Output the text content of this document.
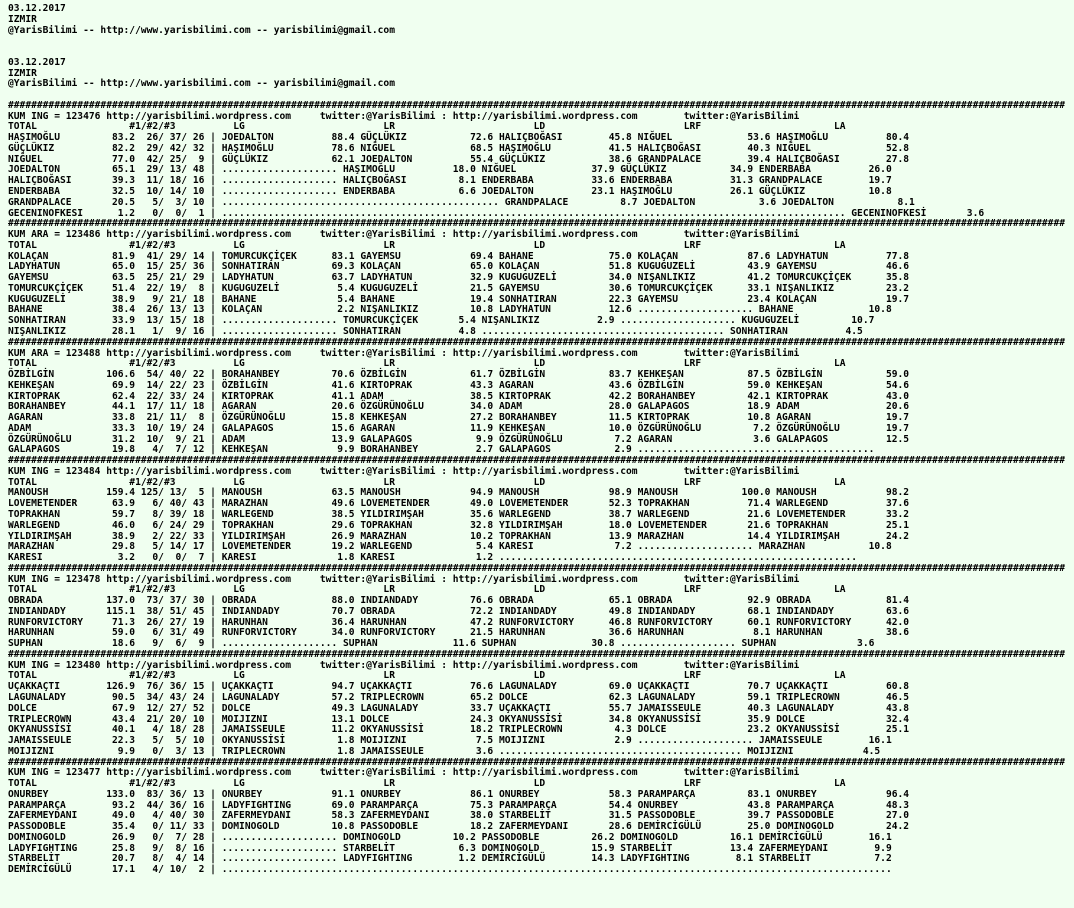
03.12.2017
IZMIR
@YarisBilimi -- http://www.yarisbilimi.com -- yarisbilimi@gmail.com
03.12.2017
IZMIR
@YarisBilimi -- http://www.yarisbilimi.com -- yarisbilimi@gmail.com
#######################################################################################################################################################################################
KUM ING = 123476 http://yarisbilimi.wordpress.com     twitter:@YarisBilimi : http://yarisbilimi.wordpress.com        twitter:@YarisBilimi
TOTAL                #1/#2/#3          LG                        LR                        LD                        LRF                       LA
HAŞIMOĞLU         83.2  26/ 37/ 26 | JOEDALTON          88.4 GÜÇLÜKIZ           72.6 HALIÇBOĞASI        45.8 NIĞUEL             53.6 HAŞIMOĞLU          80.4
GÜÇLÜKIZ          82.2  29/ 42/ 32 | HAŞIMOĞLU          78.6 NIĞUEL             68.5 HAŞIMOĞLU          41.5 HALIÇBOĞASI        40.3 NIĞUEL             52.8
NIĞUEL            77.0  42/ 25/  9 | GÜÇLÜKIZ           62.1 JOEDALTON          55.4 GÜÇLÜKIZ           38.6 GRANDPALACE        39.4 HALIÇBOĞASI        27.8
JOEDALTON         65.1  29/ 13/ 48 | .................... HAŞIMOĞLU          18.0 NIĞUEL             37.9 GÜÇLÜKIZ           34.9 ENDERBABA          26.0
HALIÇBOĞASI       39.3  11/ 18/ 16 | .................... HALIÇBOĞASI         8.1 ENDERBABA          33.6 ENDERBABA          31.3 GRANDPALACE        19.7
ENDERBABA         32.5  10/ 14/ 10 | .................... ENDERBABA           6.6 JOEDALTON          23.1 HAŞIMOĞLU          26.1 GÜÇLÜKIZ           10.8
GRANDPALACE       20.5   5/  3/ 10 | ................................................ GRANDPALACE         8.7 JOEDALTON           3.6 JOEDALTON           8.1
GECENINOFKESI      1.2   0/  0/  1 | ............................................................................................................ GECENINOFKESİ       3.6
#######################################################################################################################################################################################
KUM ARA = 123486 http://yarisbilimi.wordpress.com     twitter:@YarisBilimi : http://yarisbilimi.wordpress.com        twitter:@YarisBilimi
TOTAL                #1/#2/#3          LG                        LR                        LD                        LRF                       LA
KOLAÇAN           81.9  41/ 29/ 14 | TOMURCUKÇİÇEK      83.1 GAYEMSU            69.4 BAHANE             75.0 KOLAÇAN            87.6 LADYHATUN          77.8
LADYHATUN         65.0  15/ 25/ 36 | SONHATIRAN         69.3 KOLAÇAN            65.0 KOLAÇAN            51.8 KUGUGUZELİ         43.9 GAYEMSU            46.6
GAYEMSU           63.5  25/ 21/ 29 | LADYHATUN          63.7 LADYHATUN          32.9 KUGUGUZELİ         34.0 NIŞANLIKIZ         41.2 TOMURCUKÇİÇEK      35.8
TOMURCUKÇİÇEK     51.4  22/ 19/  8 | KUGUGUZELİ          5.4 KUGUGUZELİ         21.5 GAYEMSU            30.6 TOMURCUKÇİÇEK      33.1 NIŞANLIKIZ         23.2
KUGUGUZELİ        38.9   9/ 21/ 18 | BAHANE              5.4 BAHANE             19.4 SONHATIRAN         22.3 GAYEMSU            23.4 KOLAÇAN            19.7
BAHANE            38.4  26/ 13/ 13 | KOLAÇAN             2.2 NIŞANLIKIZ         10.8 LADYHATUN          12.6 .................... BAHANE             10.8
SONHATIRAN        33.9  13/ 15/ 18 | .................... TOMURCUKÇİÇEK       5.4 NIŞANLIKIZ          2.9 .................... KUGUGUZELİ         10.7
NIŞANLIKIZ        28.1   1/  9/ 16 | .................... SONHATIRAN          4.8 .......................................... SONHATIRAN          4.5
#######################################################################################################################################################################################
KUM ARA = 123488 http://yarisbilimi.wordpress.com     twitter:@YarisBilimi : http://yarisbilimi.wordpress.com        twitter:@YarisBilimi
TOTAL                #1/#2/#3          LG                        LR                        LD                        LRF                       LA
ÖZBİLGİN         106.6  54/ 40/ 22 | BORAHANBEY         70.6 ÖZBİLGİN           61.7 ÖZBİLGİN           83.7 KEHKEŞAN           87.5 ÖZBİLGİN           59.0
KEHKEŞAN          69.9  14/ 22/ 23 | ÖZBİLGİN           41.6 KIRTOPRAK          43.3 AGARAN             43.6 ÖZBİLGİN           59.0 KEHKEŞAN           54.6
KIRTOPRAK         62.4  22/ 33/ 24 | KIRTOPRAK          41.1 ADAM               38.5 KIRTOPRAK          42.2 BORAHANBEY         42.1 KIRTOPRAK          43.0
BORAHANBEY        44.1  17/ 11/ 18 | AGARAN             20.6 ÖZGÜRÜNOĞLU        34.0 ADAM               28.0 GALAPAGOS          18.9 ADAM               20.6
AGARAN            33.8  21/ 11/  8 | ÖZGÜRÜNOĞLU        15.8 KEHKEŞAN           27.2 BORAHANBEY         11.5 KIRTOPRAK          10.8 AGARAN             19.7
ADAM              33.3  10/ 19/ 24 | GALAPAGOS          15.6 AGARAN             11.9 KEHKEŞAN           10.0 ÖZGÜRÜNOĞLU         7.2 ÖZGÜRÜNOĞLU        19.7
ÖZGÜRÜNOĞLU       31.2  10/  9/ 21 | ADAM               13.9 GALAPAGOS           9.9 ÖZGÜRÜNOĞLU         7.2 AGARAN              3.6 GALAPAGOS          12.5
GALAPAGOS         19.8   4/  7/ 12 | KEHKEŞAN            9.9 BORAHANBEY          2.7 GALAPAGOS           2.9 .........................................
#######################################################################################################################################################################################
KUM ING = 123484 http://yarisbilimi.wordpress.com     twitter:@YarisBilimi : http://yarisbilimi.wordpress.com        twitter:@YarisBilimi
TOTAL                #1/#2/#3          LG                        LR                        LD                        LRF                       LA
MANOUSH          159.4 125/ 13/  5 | MANOUSH            63.5 MANOUSH            94.9 MANOUSH            98.9 MANOUSH           100.0 MANOUSH            98.2
LOVEMETENDER      63.9   6/ 40/ 43 | MARAZHAN           49.6 LOVEMETENDER       49.0 LOVEMETENDER       52.3 TOPRAKHAN          71.4 WARLEGEND          37.6
TOPRAKHAN         59.7   8/ 39/ 18 | WARLEGEND          38.5 YILDIRIMŞAH        35.6 WARLEGEND          38.7 WARLEGEND          21.6 LOVEMETENDER       33.2
WARLEGEND         46.0   6/ 24/ 29 | TOPRAKHAN          29.6 TOPRAKHAN          32.8 YILDIRIMŞAH        18.0 LOVEMETENDER       21.6 TOPRAKHAN          25.1
YILDIRIMŞAH       38.9   2/ 22/ 33 | YILDIRIMŞAH        26.9 MARAZHAN           10.2 TOPRAKHAN          13.9 MARAZHAN           14.4 YILDIRIMŞAH        24.2
MARAZHAN          29.8   5/ 14/ 17 | LOVEMETENDER       19.2 WARLEGEND           5.4 KARESI              7.2 .................... MARAZHAN           10.8
KARESI             3.2   0/  0/  7 | KARESI              1.8 KARESI              1.2 ..............................................................
#######################################################################################################################################################################################
KUM ING = 123478 http://yarisbilimi.wordpress.com     twitter:@YarisBilimi : http://yarisbilimi.wordpress.com        twitter:@YarisBilimi
TOTAL                #1/#2/#3          LG                        LR                        LD                        LRF                       LA
OBRADA           137.0  73/ 37/ 30 | OBRADA             88.0 INDIANDADY         76.6 OBRADA             65.1 OBRADA             92.9 OBRADA             81.4
INDIANDADY       115.1  38/ 51/ 45 | INDIANDADY         70.7 OBRADA             72.2 INDIANDADY         49.8 INDIANDADY         68.1 INDIANDADY         63.6
RUNFORVICTORY     71.3  26/ 27/ 19 | HARUNHAN           36.4 HARUNHAN           47.2 RUNFORVICTORY      46.8 RUNFORVICTORY      60.1 RUNFORVICTORY      42.0
HARUNHAN          59.0   6/ 31/ 49 | RUNFORVICTORY      34.0 RUNFORVICTORY      21.5 HARUNHAN           36.6 HARUNHAN            8.1 HARUNHAN           38.6
SUPHAN            18.6   9/  6/  9 | .................... SUPHAN             11.6 SUPHAN             30.8 .................... SUPHAN              3.6
#######################################################################################################################################################################################
KUM ING = 123480 http://yarisbilimi.wordpress.com     twitter:@YarisBilimi : http://yarisbilimi.wordpress.com        twitter:@YarisBilimi
TOTAL                #1/#2/#3          LG                        LR                        LD                        LRF                       LA
UÇAKKAÇTI        126.9  76/ 36/ 15 | UÇAKKAÇTI          94.7 UÇAKKAÇTI          76.6 LAGUNALADY         69.0 UÇAKKAÇTI          70.7 UÇAKKAÇTI          60.8
LAGUNALADY        90.5  34/ 43/ 24 | LAGUNALADY         57.2 TRIPLECROWN        65.2 DOLCE              62.3 LAGUNALADY         59.1 TRIPLECROWN        46.5
DOLCE             67.9  12/ 27/ 52 | DOLCE              49.3 LAGUNALADY         33.7 UÇAKKAÇTI          55.7 JAMAISSEULE        40.3 LAGUNALADY         43.8
TRIPLECROWN       43.4  21/ 20/ 10 | MOIJIZNI           13.1 DOLCE              24.3 OKYANUSSİSİ        34.8 OKYANUSSİSİ        35.9 DOLCE              32.4
OKYANUSSİSİ       40.1   4/ 18/ 28 | JAMAISSEULE        11.2 OKYANUSSİSİ        18.2 TRIPLECROWN         4.3 DOLCE              23.2 OKYANUSSİSİ        25.1
JAMAISSEULE       22.3   5/  5/ 10 | OKYANUSSİSİ         1.8 MOIJIZNI            7.5 MOIJIZNI            2.9 .................... JAMAISSEULE        16.1
MOIJIZNI           9.9   0/  3/ 13 | TRIPLECROWN         1.8 JAMAISSEULE         3.6 .......................................... MOIJIZNI            4.5
#######################################################################################################################################################################################
KUM ING = 123477 http://yarisbilimi.wordpress.com     twitter:@YarisBilimi : http://yarisbilimi.wordpress.com        twitter:@YarisBilimi
TOTAL                #1/#2/#3          LG                        LR                        LD                        LRF                       LA
ONURBEY          133.0  83/ 36/ 13 | ONURBEY            91.1 ONURBEY            86.1 ONURBEY            58.3 PARAMPARÇA         83.1 ONURBEY            96.4
PARAMPARÇA        93.2  44/ 36/ 16 | LADYFIGHTING       69.0 PARAMPARÇA         75.3 PARAMPARÇA         54.4 ONURBEY            43.8 PARAMPARÇA         48.3
ZAFERMEYDANI      49.0   4/ 40/ 30 | ZAFERMEYDANI       58.3 ZAFERMEYDANI       38.0 STARBELİT          31.5 PASSODOBLE         39.7 PASSODOBLE         27.0
PASSODOBLE        35.4   0/ 11/ 33 | DOMINOGOLD         10.8 PASSODOBLE         18.2 ZAFERMEYDANI       28.6 DEMİRCİGÜLÜ        25.0 DOMINOGOLD         24.2
DOMINOGOLD        26.9   0/  7/ 28 | .................... DOMINOGOLD         10.2 PASSODOBLE         26.2 DOMINOGOLD         16.1 DEMİRCİGÜLÜ        16.1
LADYFIGHTING      25.8   9/  8/ 16 | .................... STARBELİT           6.3 DOMINOGOLD         15.9 STARBELİT          13.4 ZAFERMEYDANI        9.9
STARBELİT         20.7   8/  4/ 14 | .................... LADYFIGHTING        1.2 DEMİRCİGÜLÜ        14.3 LADYFIGHTING        8.1 STARBELİT           7.2
DEMİRCİGÜLÜ       17.1   4/ 10/  2 | ....................................................................................................................
